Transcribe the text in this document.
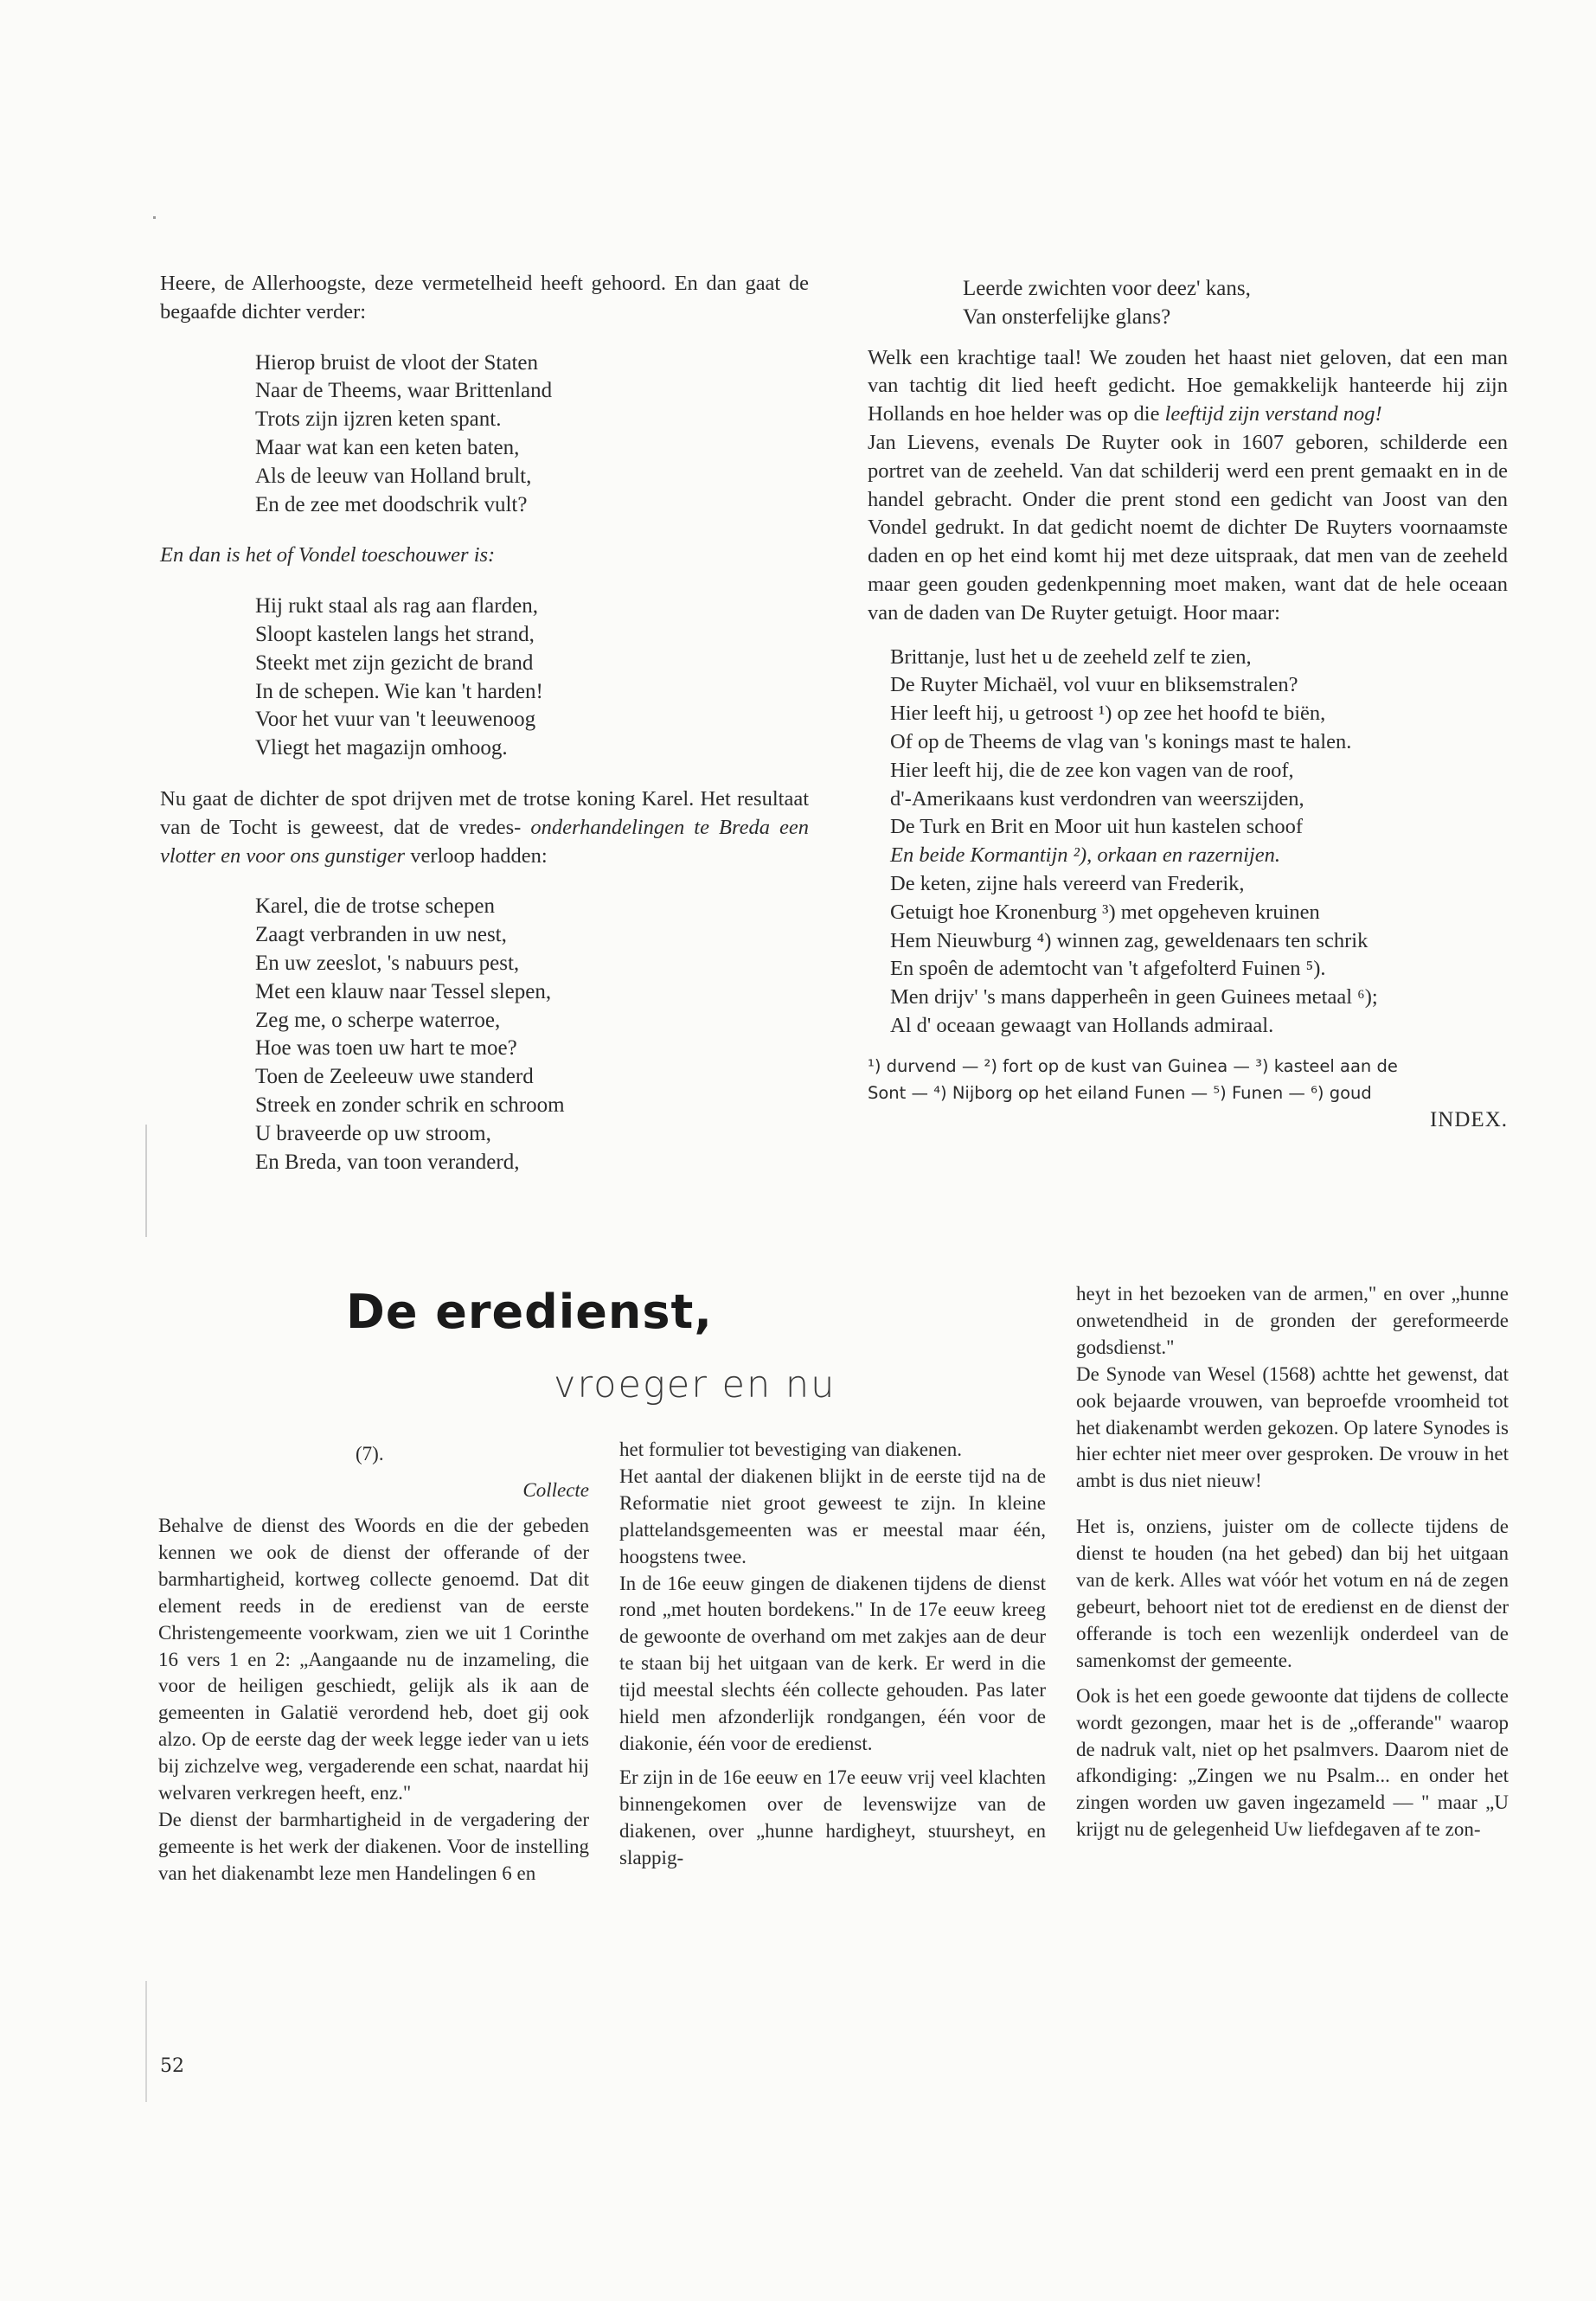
Heere, de Allerhoogste, deze vermetelheid heeft gehoord. En dan gaat de begaafde dichter verder:

Hierop bruist de vloot der Staten
Naar de Theems, waar Brittenland
Trots zijn ijzren keten spant.
Maar wat kan een keten baten,
Als de leeuw van Holland brult,
En de zee met doodschrik vult?

En dan is het of Vondel toeschouwer is:

Hij rukt staal als rag aan flarden,
Sloopt kastelen langs het strand,
Steekt met zijn gezicht de brand
In de schepen. Wie kan 't harden!
Voor het vuur van 't leeuwenoog
Vliegt het magazijn omhoog.

Nu gaat de dichter de spot drijven met de trotse koning Karel. Het resultaat van de Tocht is geweest, dat de vredes- onderhandelingen te Breda een vlotter en voor ons gunstiger verloop hadden:

Karel, die de trotse schepen
Zaagt verbranden in uw nest,
En uw zeeslot, 's nabuurs pest,
Met een klauw naar Tessel slepen,
Zeg me, o scherpe waterroe,
Hoe was toen uw hart te moe?
Toen de Zeeleeuw uwe standerd
Streek en zonder schrik en schroom
U braveerde op uw stroom,
En Breda, van toon veranderd,
Leerde zwichten voor deez' kans,
Van onsterfelijke glans?

Welk een krachtige taal! We zouden het haast niet geloven, dat een man van tachtig dit lied heeft gedicht. Hoe gemakkelijk hanteerde hij zijn Hollands en hoe helder was op die leeftijd zijn verstand nog!

Jan Lievens, evenals De Ruyter ook in 1607 geboren, schilderde een portret van de zeeheld. Van dat schilderij werd een prent gemaakt en in de handel gebracht. Onder die prent stond een gedicht van Joost van den Vondel gedrukt. In dat gedicht noemt de dichter De Ruyters voornaamste daden en op het eind komt hij met deze uitspraak, dat men van de zeeheld maar geen gouden gedenkpenning moet maken, want dat de hele oceaan van de daden van De Ruyter getuigt. Hoor maar:

Brittanje, lust het u de zeeheld zelf te zien,
De Ruyter Michaël, vol vuur en bliksemstralen?
Hier leeft hij, u getroost ¹) op zee het hoofd te biën,
Of op de Theems de vlag van 's konings mast te halen.
Hier leeft hij, die de zee kon vagen van de roof,
d'-Amerikaans kust verdondren van weerszijden,
De Turk en Brit en Moor uit hun kastelen schoof
En beide Kormantijn ²), orkaan en razernijen.
De keten, zijne hals vereerd van Frederik,
Getuigt hoe Kronenburg ³) met opgeheven kruinen
Hem Nieuwburg ⁴) winnen zag, geweldenaars ten schrik
En spoên de ademtocht van 't afgefolterd Fuinen ⁵).
Men drijv' 's mans dapperheên in geen Guinees metaal ⁶);
Al d' oceaan gewaagt van Hollands admiraal.
¹) durvend — ²) fort op de kust van Guinea — ³) kasteel aan de
Sont — ⁴) Nijborg op het eiland Funen — ⁵) Funen — ⁶) goud
INDEX.
De eredienst,
vroeger en nu
(7).
Collecte

Behalve de dienst des Woords en die der gebeden kennen we ook de dienst der offerande of der barmhartigheid, kortweg collecte genoemd. Dat dit element reeds in de eredienst van de eerste Christengemeente voorkwam, zien we uit 1 Corinthe 16 vers 1 en 2: „Aangaande nu de inzameling, die voor de heiligen geschiedt, gelijk als ik aan de gemeenten in Galatië verordend heb, doet gij ook alzo. Op de eerste dag der week legge ieder van u iets bij zichzelve weg, vergaderende een schat, naardat hij welvaren verkregen heeft, enz."

De dienst der barmhartigheid in de vergadering der gemeente is het werk der diakenen. Voor de instelling van het diakenambt leze men Handelingen 6 en

het formulier tot bevestiging van diakenen.

Het aantal der diakenen blijkt in de eerste tijd na de Reformatie niet groot geweest te zijn. In kleine plattelandsgemeenten was er meestal maar één, hoogstens twee.

In de 16e eeuw gingen de diakenen tijdens de dienst rond „met houten bordekens." In de 17e eeuw kreeg de gewoonte de overhand om met zakjes aan de deur te staan bij het uitgaan van de kerk. Er werd in die tijd meestal slechts één collecte gehouden. Pas later hield men afzonderlijk rondgangen, één voor de diakonie, één voor de eredienst.

Er zijn in de 16e eeuw en 17e eeuw vrij veel klachten binnengekomen over de levenswijze van de diakenen, over „hunne hardigheyt, stuursheyt, en slappig-

heyt in het bezoeken van de armen," en over „hunne onwetendheid in de gronden der gereformeerde godsdienst."

De Synode van Wesel (1568) achtte het gewenst, dat ook bejaarde vrouwen, van beproefde vroomheid tot het diakenambt werden gekozen. Op latere Synodes is hier echter niet meer over gesproken. De vrouw in het ambt is dus niet nieuw!

Het is, onziens, juister om de collecte tijdens de dienst te houden (na het gebed) dan bij het uitgaan van de kerk. Alles wat vóór het votum en ná de zegen gebeurt, behoort niet tot de eredienst en de dienst der offerande is toch een wezenlijk onderdeel van de samenkomst der gemeente.

Ook is het een goede gewoonte dat tijdens de collecte wordt gezongen, maar het is de „offerande" waarop de nadruk valt, niet op het psalmvers. Daarom niet de afkondiging: „Zingen we nu Psalm... en onder het zingen worden uw gaven ingezameld — " maar „U krijgt nu de gelegenheid Uw liefdegaven af te zon-

52
